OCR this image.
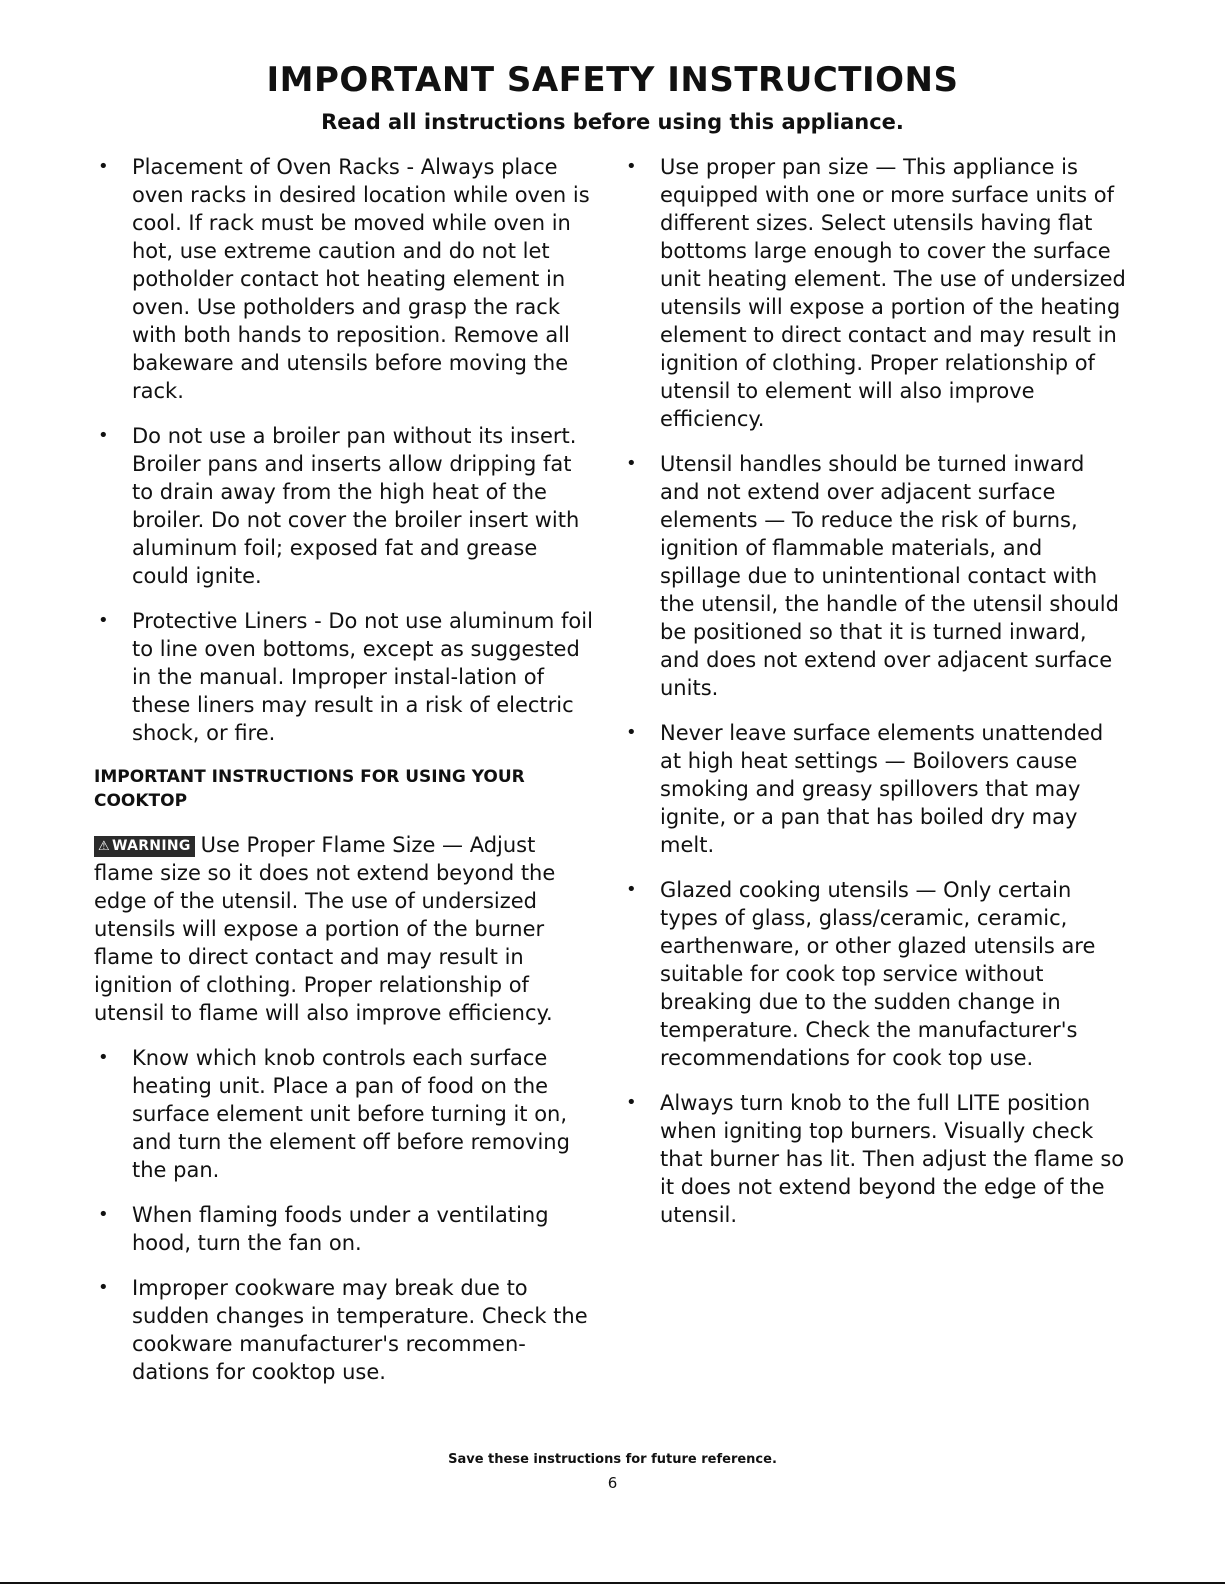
IMPORTANT SAFETY INSTRUCTIONS
Read all instructions before using this appliance.
• Placement of Oven Racks - Always place oven racks in desired location while oven is cool. If rack must be moved while oven in hot, use extreme caution and do not let potholder contact hot heating element in oven. Use potholders and grasp the rack with both hands to reposition. Remove all bakeware and utensils before moving the rack.
• Do not use a broiler pan without its insert. Broiler pans and inserts allow dripping fat to drain away from the high heat of the broiler. Do not cover the broiler insert with aluminum foil; exposed fat and grease could ignite.
• Protective Liners - Do not use aluminum foil to line oven bottoms, except as suggested in the manual. Improper instal-lation of these liners may result in a risk of electric shock, or fire.
IMPORTANT INSTRUCTIONS FOR USING YOUR COOKTOP

⚠ WARNING Use Proper Flame Size — Adjust flame size so it does not extend beyond the edge of the utensil. The use of undersized utensils will expose a portion of the burner flame to direct contact and may result in ignition of clothing. Proper relationship of utensil to flame will also improve efficiency.

• Know which knob controls each surface heating unit. Place a pan of food on the surface element unit before turning it on, and turn the element off before removing the pan.
• When flaming foods under a ventilating hood, turn the fan on.
• Improper cookware may break due to sudden changes in temperature. Check the cookware manufacturer's recommen-dations for cooktop use.
• Use proper pan size — This appliance is equipped with one or more surface units of different sizes. Select utensils having flat bottoms large enough to cover the surface unit heating element. The use of undersized utensils will expose a portion of the heating element to direct contact and may result in ignition of clothing. Proper relationship of utensil to element will also improve efficiency.
• Utensil handles should be turned inward and not extend over adjacent surface elements — To reduce the risk of burns, ignition of flammable materials, and spillage due to unintentional contact with the utensil, the handle of the utensil should be positioned so that it is turned inward, and does not extend over adjacent surface units.
• Never leave surface elements unattended at high heat settings — Boilovers cause smoking and greasy spillovers that may ignite, or a pan that has boiled dry may melt.
• Glazed cooking utensils — Only certain types of glass, glass/ceramic, ceramic, earthenware, or other glazed utensils are suitable for cook top service without breaking due to the sudden change in temperature. Check the manufacturer's recommendations for cook top use.
• Always turn knob to the full LITE position when igniting top burners. Visually check that burner has lit. Then adjust the flame so it does not extend beyond the edge of the utensil.
Save these instructions for future reference.
6
